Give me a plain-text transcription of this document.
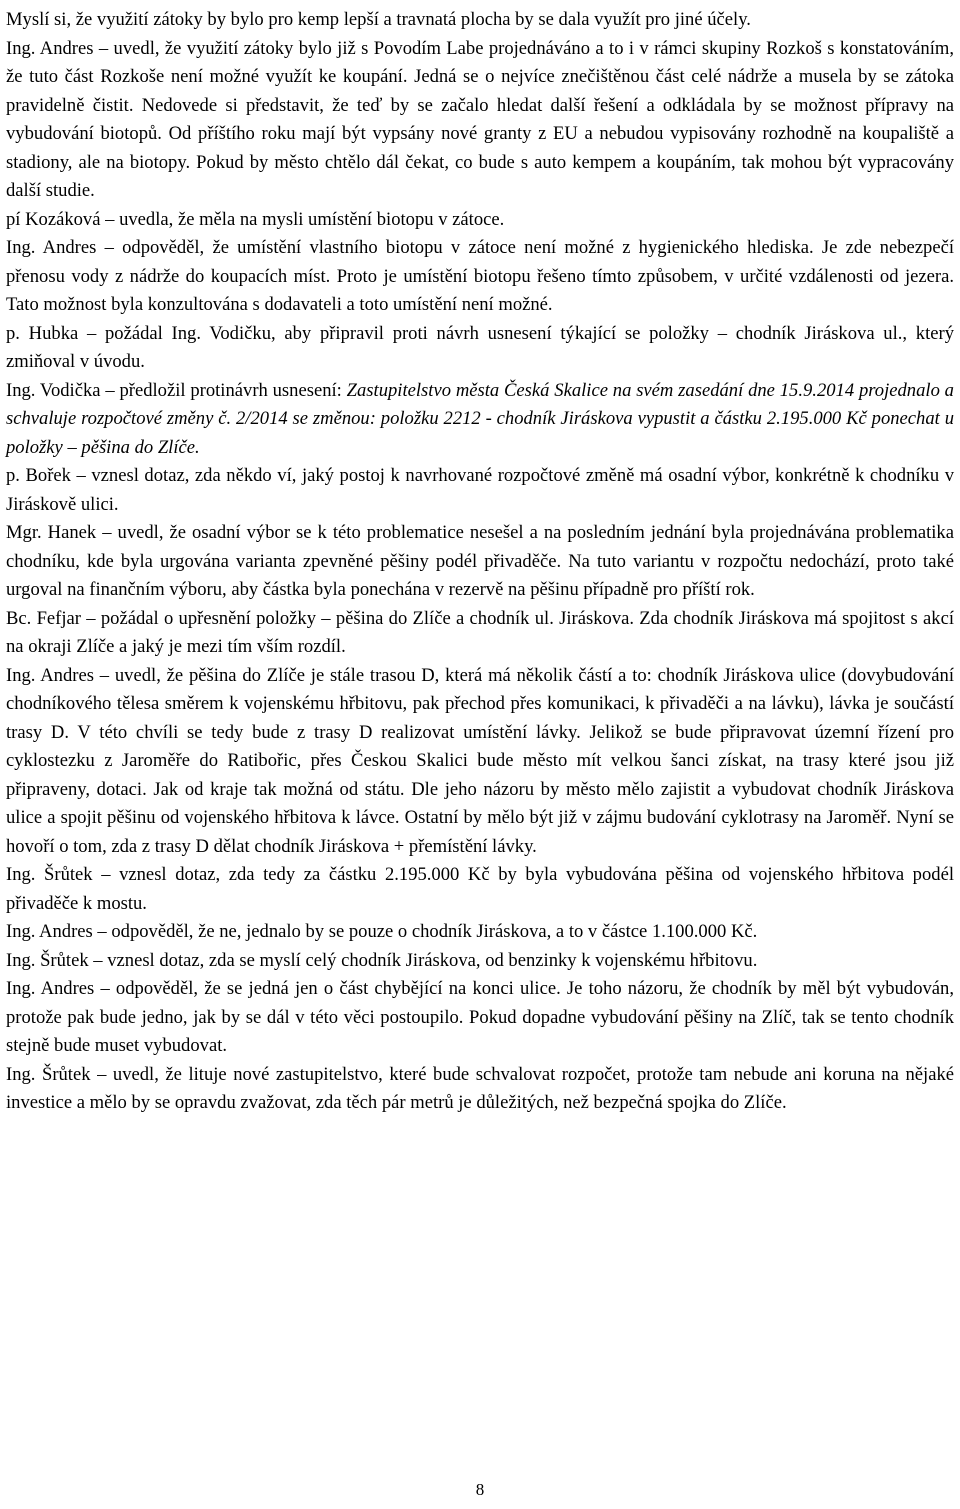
Myslí si, že využití zátoky by bylo pro kemp lepší a travnatá plocha by se dala využít pro jiné účely.

Ing. Andres – uvedl, že využití zátoky bylo již s Povodím Labe projednáváno a to i v rámci skupiny Rozkoš s konstatováním, že tuto část Rozkoše není možné využít ke koupání. Jedná se o nejvíce znečištěnou část celé nádrže a musela by se zátoka pravidelně čistit. Nedovede si představit, že teď by se začalo hledat další řešení a odkládala by se možnost přípravy na vybudování biotopů. Od příštího roku mají být vypsány nové granty z EU a nebudou vypisovány rozhodně na koupaliště a stadiony, ale na biotopy. Pokud by město chtělo dál čekat, co bude s auto kempem a koupáním, tak mohou být vypracovány další studie.

pí Kozáková – uvedla, že měla na mysli umístění biotopu v zátoce.

Ing. Andres – odpověděl, že umístění vlastního biotopu v zátoce není možné z hygienického hlediska. Je zde nebezpečí přenosu vody z nádrže do koupacích míst. Proto je umístění biotopu řešeno tímto způsobem, v určité vzdálenosti od jezera. Tato možnost byla konzultována s dodavateli a toto umístění není možné.

p. Hubka – požádal Ing. Vodičku, aby připravil proti návrh usnesení týkající se položky – chodník Jiráskova ul., který zmiňoval v úvodu.

Ing. Vodička – předložil protinávrh usnesení: Zastupitelstvo města Česká Skalice na svém zasedání dne 15.9.2014 projednalo a schvaluje rozpočtové změny č. 2/2014 se změnou: položku 2212 - chodník Jiráskova vypustit a částku 2.195.000 Kč ponechat u položky – pěšina do Zlíče.

p. Bořek – vznesl dotaz, zda někdo ví, jaký postoj k navrhované rozpočtové změně má osadní výbor, konkrétně k chodníku v Jiráskově ulici.

Mgr. Hanek – uvedl, že osadní výbor se k této problematice nesešel a na posledním jednání byla projednávána problematika chodníku, kde byla urgována varianta zpevněné pěšiny podél přivaděče. Na tuto variantu v rozpočtu nedochází, proto také urgoval na finančním výboru, aby částka byla ponechána v rezervě na pěšinu případně pro příští rok.

Bc. Fefjar – požádal o upřesnění položky – pěšina do Zlíče a chodník ul. Jiráskova. Zda chodník Jiráskova má spojitost s akcí na okraji Zlíče a jaký je mezi tím vším rozdíl.

Ing. Andres – uvedl, že pěšina do Zlíče je stále trasou D, která má několik částí a to: chodník Jiráskova ulice (dovybudování chodníkového tělesa směrem k vojenskému hřbitovu, pak přechod přes komunikaci, k přivaděči a na lávku), lávka je součástí trasy D. V této chvíli se tedy bude z trasy D realizovat umístění lávky. Jelikož se bude připravovat územní řízení pro cyklostezku z Jaroměře do Ratibořic, přes Českou Skalici bude město mít velkou šanci získat, na trasy které jsou již připraveny, dotaci. Jak od kraje tak možná od státu. Dle jeho názoru by město mělo zajistit a vybudovat chodník Jiráskova ulice a spojit pěšinu od vojenského hřbitova k lávce. Ostatní by mělo být již v zájmu budování cyklotrasy na Jaroměř. Nyní se hovoří o tom, zda z trasy D dělat chodník Jiráskova + přemístění lávky.

Ing. Šrůtek – vznesl dotaz, zda tedy za částku 2.195.000 Kč by byla vybudována pěšina od vojenského hřbitova podél přivaděče k mostu.

Ing. Andres – odpověděl, že ne, jednalo by se pouze o chodník Jiráskova, a to v částce 1.100.000 Kč.

Ing. Šrůtek – vznesl dotaz, zda se myslí celý chodník Jiráskova, od benzinky k vojenskému hřbitovu.

Ing. Andres – odpověděl, že se jedná jen o část chybějící na konci ulice. Je toho názoru, že chodník by měl být vybudován, protože pak bude jedno, jak by se dál v této věci postoupilo. Pokud dopadne vybudování pěšiny na Zlíč, tak se tento chodník stejně bude muset vybudovat.

Ing. Šrůtek – uvedl, že lituje nové zastupitelstvo, které bude schvalovat rozpočet, protože tam nebude ani koruna na nějaké investice a mělo by se opravdu zvažovat, zda těch pár metrů je důležitých, než bezpečná spojka do Zlíče.

8
